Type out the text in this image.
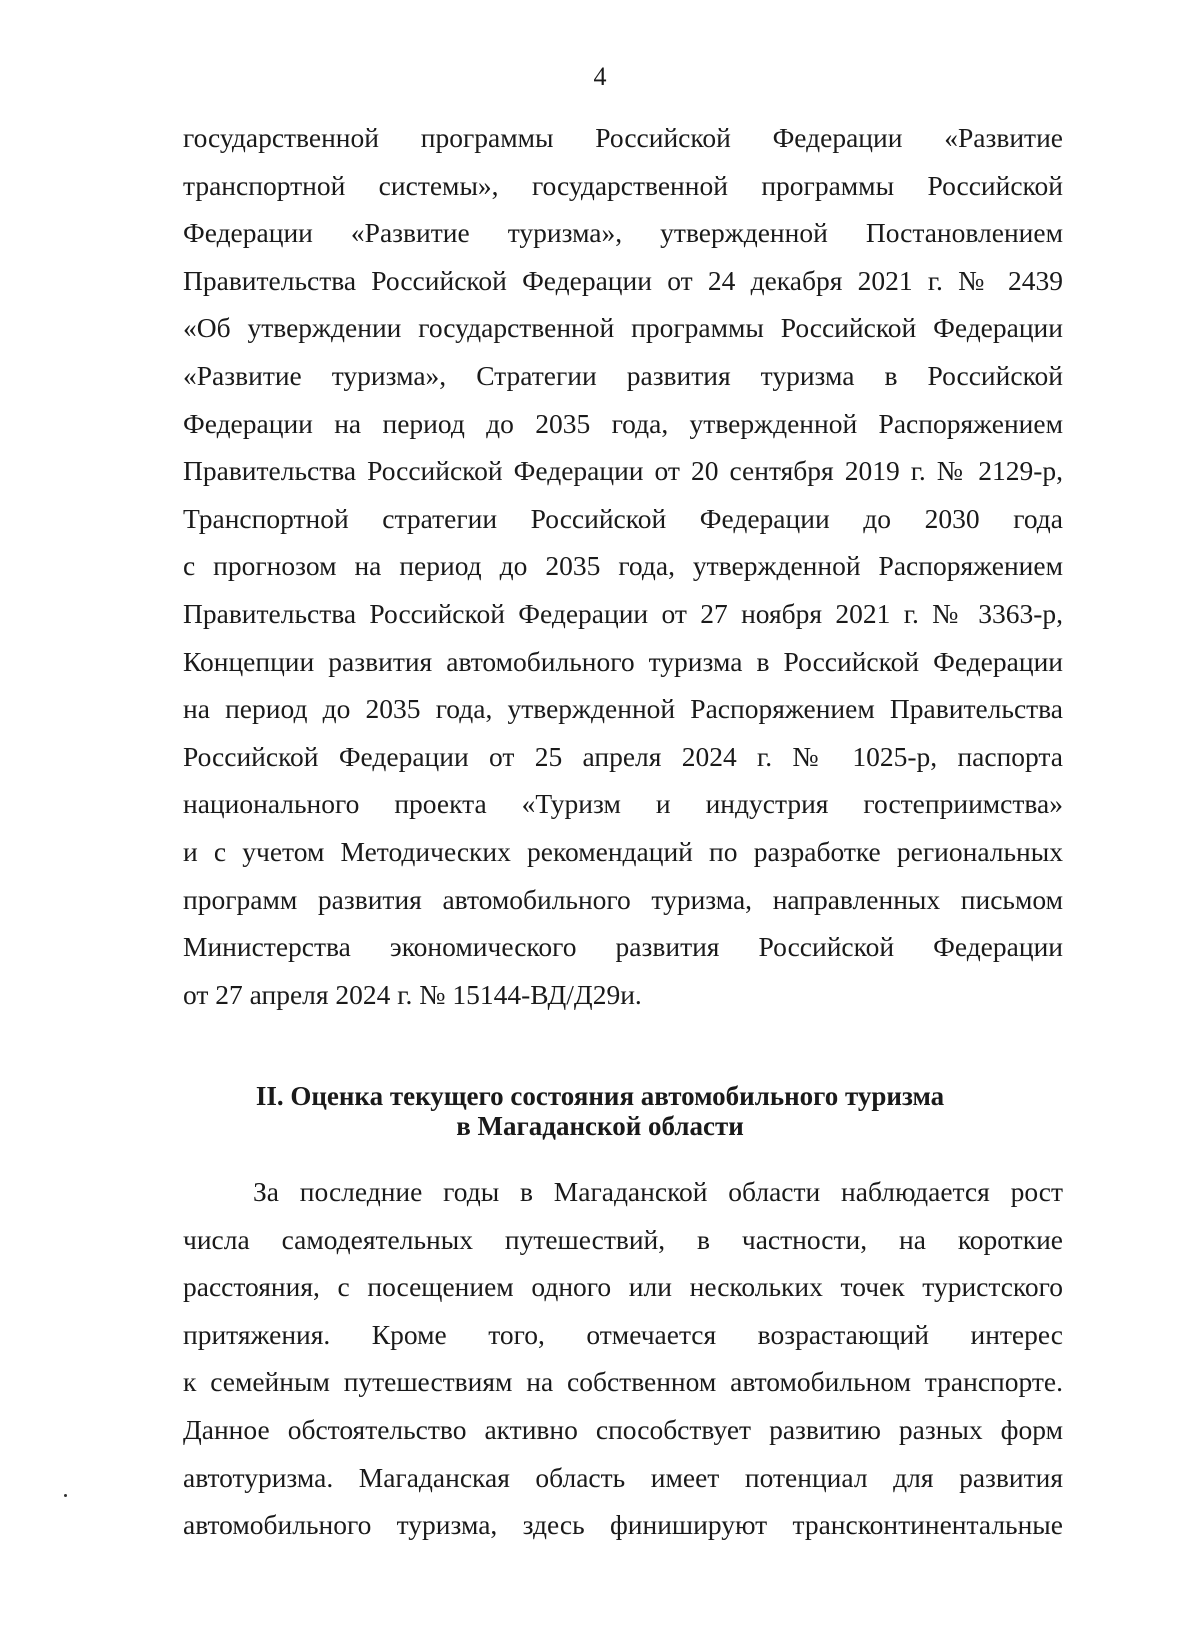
4
государственной программы Российской Федерации «Развитие
транспортной системы», государственной программы Российской
Федерации «Развитие туризма», утвержденной Постановлением
Правительства Российской Федерации от 24 декабря 2021 г. № 2439
«Об утверждении государственной программы Российской Федерации
«Развитие туризма», Стратегии развития туризма в Российской
Федерации на период до 2035 года, утвержденной Распоряжением
Правительства Российской Федерации от 20 сентября 2019 г. № 2129-р,
Транспортной стратегии Российской Федерации до 2030 года
с прогнозом на период до 2035 года, утвержденной Распоряжением
Правительства Российской Федерации от 27 ноября 2021 г. № 3363-р,
Концепции развития автомобильного туризма в Российской Федерации
на период до 2035 года, утвержденной Распоряжением Правительства
Российской Федерации от 25 апреля 2024 г. № 1025-р, паспорта
национального проекта «Туризм и индустрия гостеприимства»
и с учетом Методических рекомендаций по разработке региональных
программ развития автомобильного туризма, направленных письмом
Министерства экономического развития Российской Федерации
от 27 апреля 2024 г. № 15144-ВД/Д29и.
II. Оценка текущего состояния автомобильного туризма
в Магаданской области
За последние годы в Магаданской области наблюдается рост
числа самодеятельных путешествий, в частности, на короткие
расстояния, с посещением одного или нескольких точек туристского
притяжения. Кроме того, отмечается возрастающий интерес
к семейным путешествиям на собственном автомобильном транспорте.
Данное обстоятельство активно способствует развитию разных форм
автотуризма. Магаданская область имеет потенциал для развития
автомобильного туризма, здесь финишируют трансконтинентальные
